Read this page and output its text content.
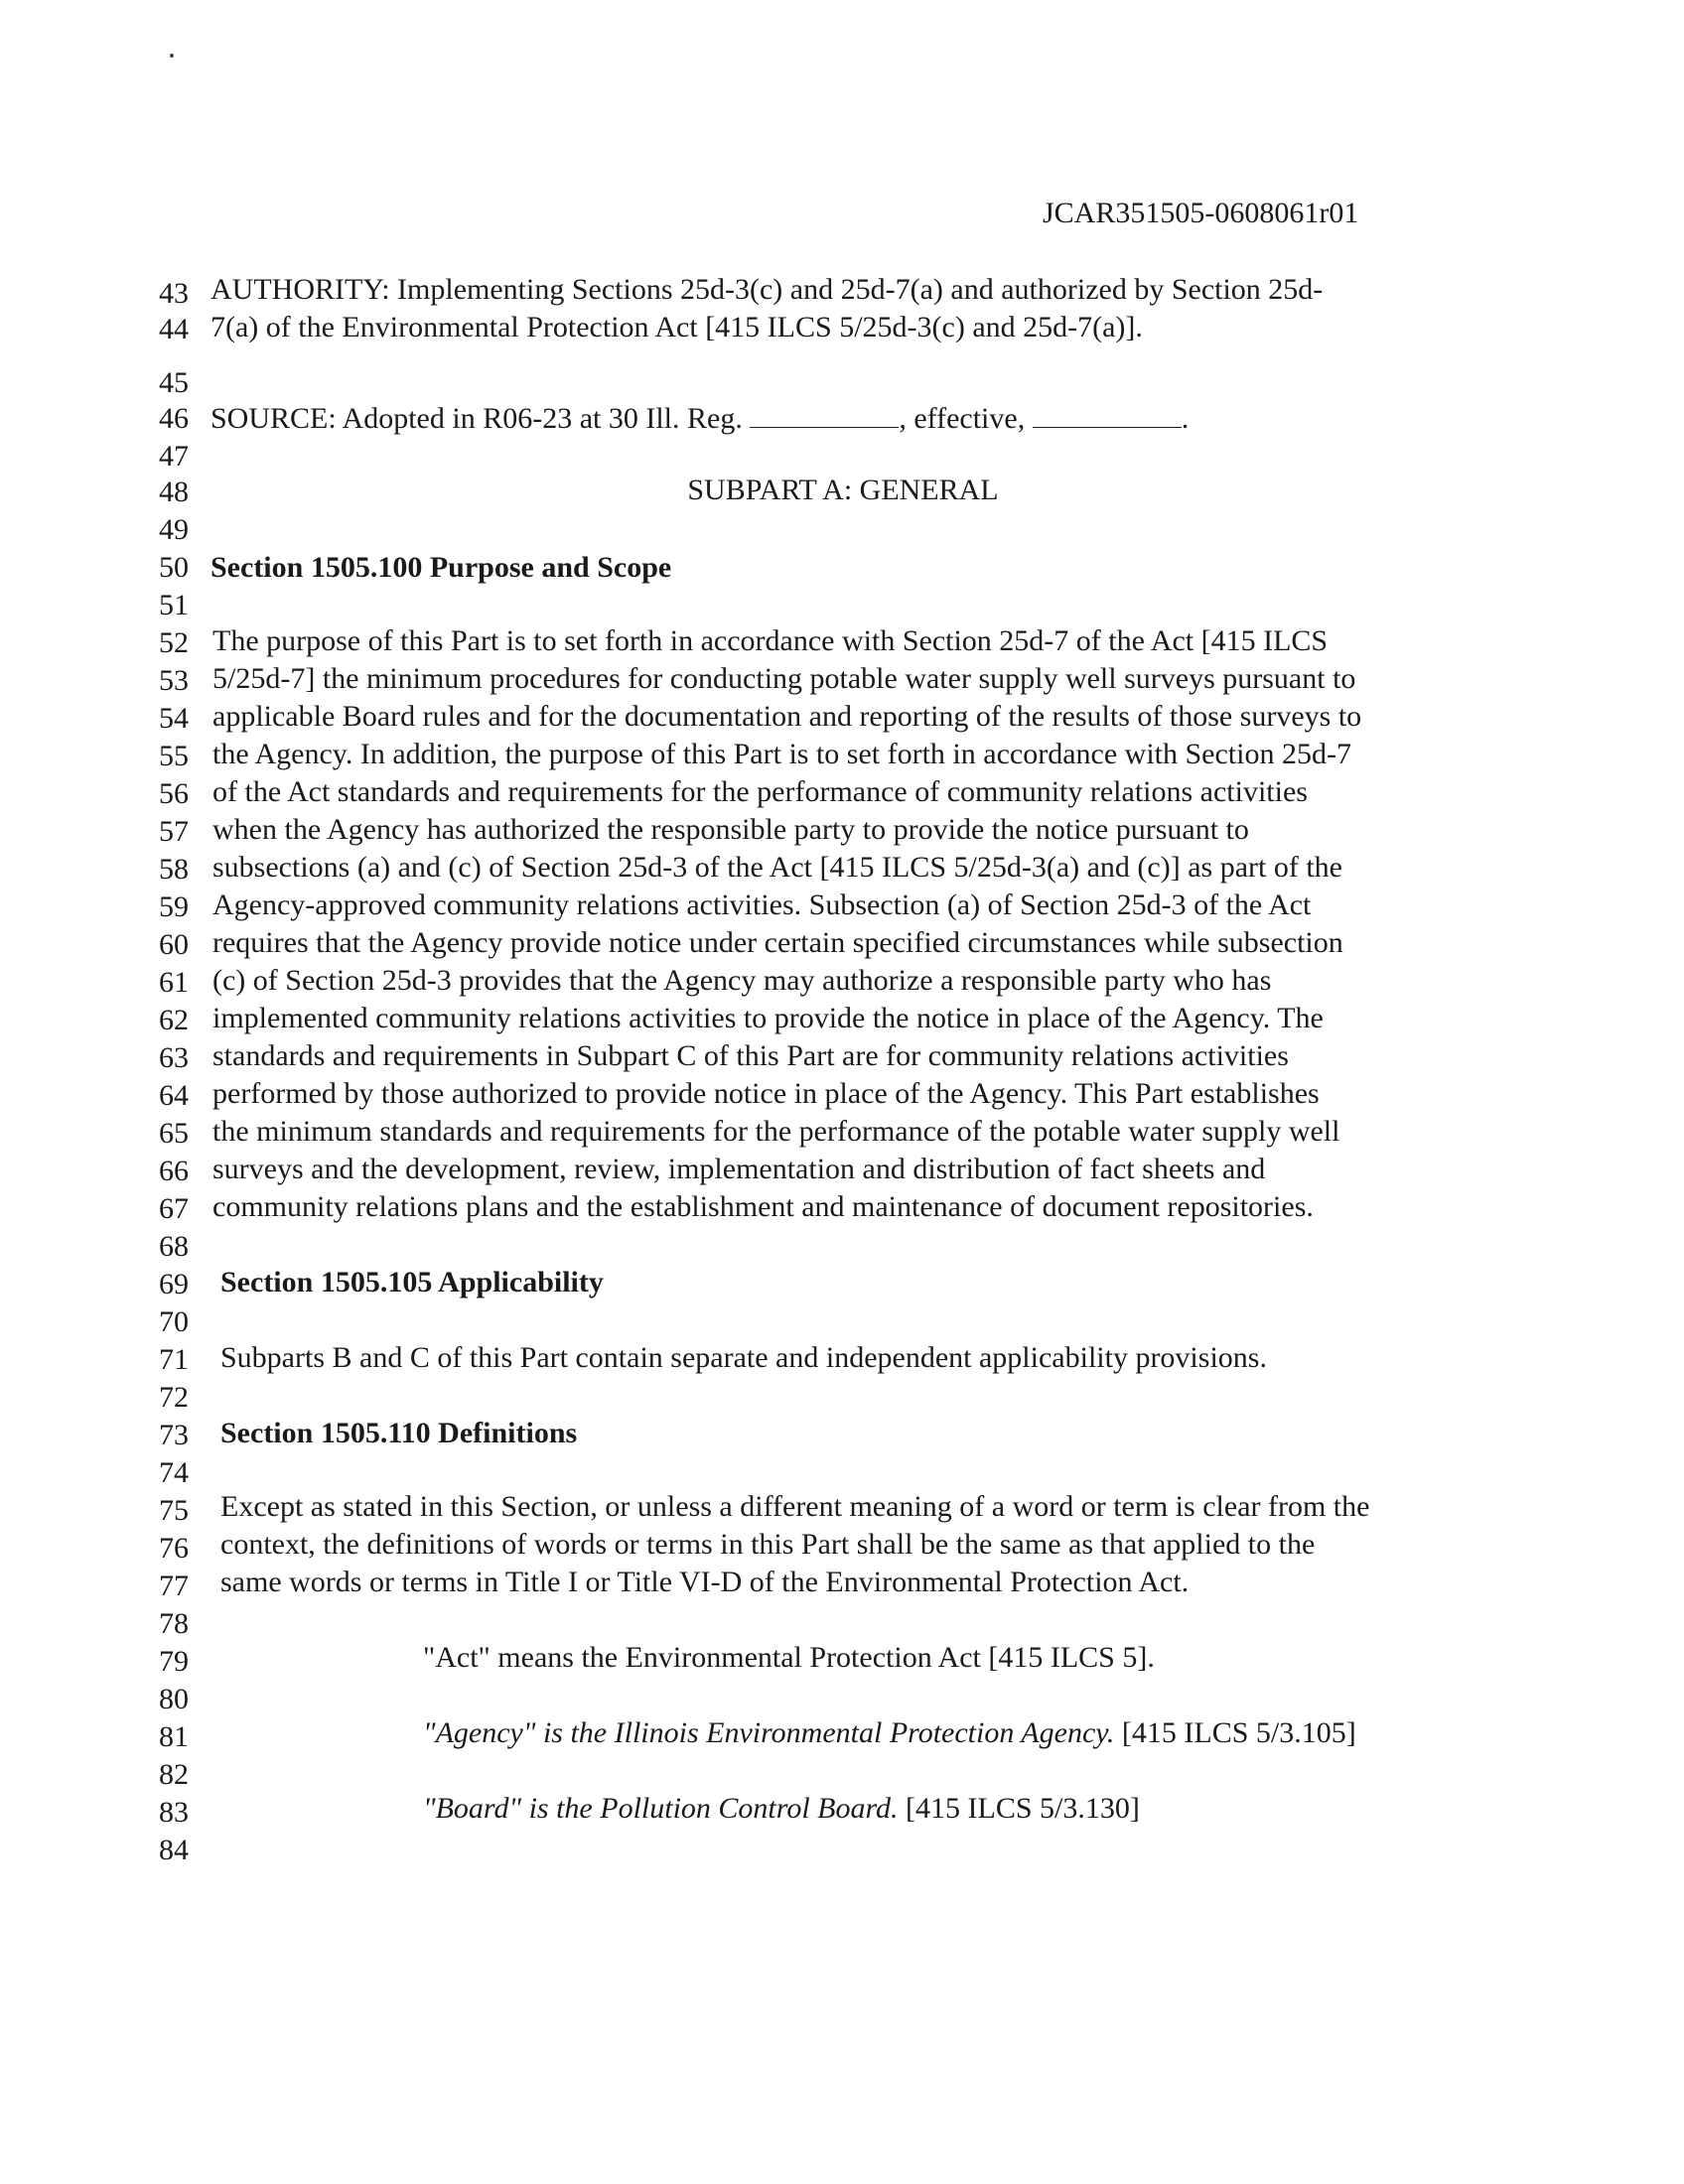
JCAR351505-0608061r01
43
44
45
46
47
48
49
50
51
52
53
54
55
56
57
58
59
60
61
62
63
64
65
66
67
68
69
70
71
72
73
74
75
76
77
78
79
80
81
82
83
84
AUTHORITY: Implementing Sections 25d-3(c) and 25d-7(a) and authorized by Section 25d-
7(a) of the Environmental Protection Act [415 ILCS 5/25d-3(c) and 25d-7(a)].
SOURCE: Adopted in R06-23 at 30 Ill. Reg.	, effective,	.
SUBPART A: GENERAL
Section 1505.100 Purpose and Scope
The purpose of this Part is to set forth in accordance with Section 25d-7 of the Act [415 ILCS
5/25d-7] the minimum procedures for conducting potable water supply well surveys pursuant to
applicable Board rules and for the documentation and reporting of the results of those surveys to
the Agency. In addition, the purpose of this Part is to set forth in accordance with Section 25d-7
of the Act standards and requirements for the performance of community relations activities
when the Agency has authorized the responsible party to provide the notice pursuant to
subsections (a) and (c) of Section 25d-3 of the Act [415 ILCS 5/25d-3(a) and (c)] as part of the
Agency-approved community relations activities. Subsection (a) of Section 25d-3 of the Act
requires that the Agency provide notice under certain specified circumstances while subsection
(c) of Section 25d-3 provides that the Agency may authorize a responsible party who has
implemented community relations activities to provide the notice in place of the Agency. The
standards and requirements in Subpart C of this Part are for community relations activities
performed by those authorized to provide notice in place of the Agency. This Part establishes
the minimum standards and requirements for the performance of the potable water supply well
surveys and the development, review, implementation and distribution of fact sheets and
community relations plans and the establishment and maintenance of document repositories.
Section 1505.105 Applicability
Subparts B and C of this Part contain separate and independent applicability provisions.
Section 1505.110 Definitions
Except as stated in this Section, or unless a different meaning of a word or term is clear from the
context, the definitions of words or terms in this Part shall be the same as that applied to the
same words or terms in Title I or Title VI-D of the Environmental Protection Act.
"Act" means the Environmental Protection Act [415 ILCS 5].
"Agency" is the Illinois Environmental Protection Agency. [415 ILCS 5/3.105]
"Board" is the Pollution Control Board. [415 ILCS 5/3.130]
